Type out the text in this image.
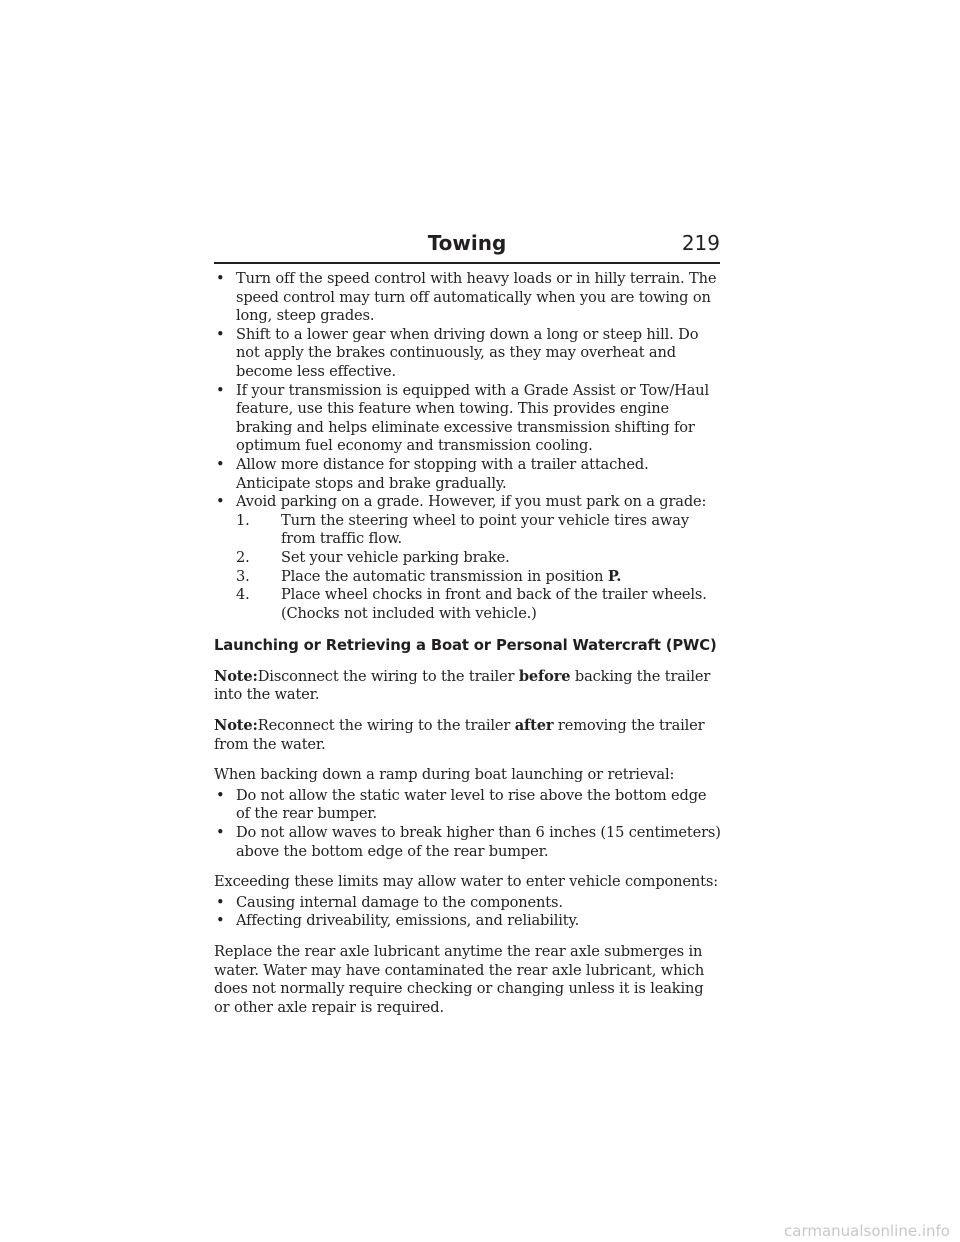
Towing	219
• Turn off the speed control with heavy loads or in hilly terrain. The speed control may turn off automatically when you are towing on long, steep grades.
• Shift to a lower gear when driving down a long or steep hill. Do not apply the brakes continuously, as they may overheat and become less effective.
• If your transmission is equipped with a Grade Assist or Tow/Haul feature, use this feature when towing. This provides engine braking and helps eliminate excessive transmission shifting for optimum fuel economy and transmission cooling.
• Allow more distance for stopping with a trailer attached. Anticipate stops and brake gradually.
• Avoid parking on a grade. However, if you must park on a grade:
1. Turn the steering wheel to point your vehicle tires away from traffic flow.
2. Set your vehicle parking brake.
3. Place the automatic transmission in position P.
4. Place wheel chocks in front and back of the trailer wheels. (Chocks not included with vehicle.)
Launching or Retrieving a Boat or Personal Watercraft (PWC)

Note:Disconnect the wiring to the trailer before backing the trailer into the water.

Note:Reconnect the wiring to the trailer after removing the trailer from the water.

When backing down a ramp during boat launching or retrieval:

• Do not allow the static water level to rise above the bottom edge of the rear bumper.
• Do not allow waves to break higher than 6 inches (15 centimeters) above the bottom edge of the rear bumper.

Exceeding these limits may allow water to enter vehicle components:

• Causing internal damage to the components.
• Affecting driveability, emissions, and reliability.

Replace the rear axle lubricant anytime the rear axle submerges in water. Water may have contaminated the rear axle lubricant, which does not normally require checking or changing unless it is leaking or other axle repair is required.

carmanualsonline.info
